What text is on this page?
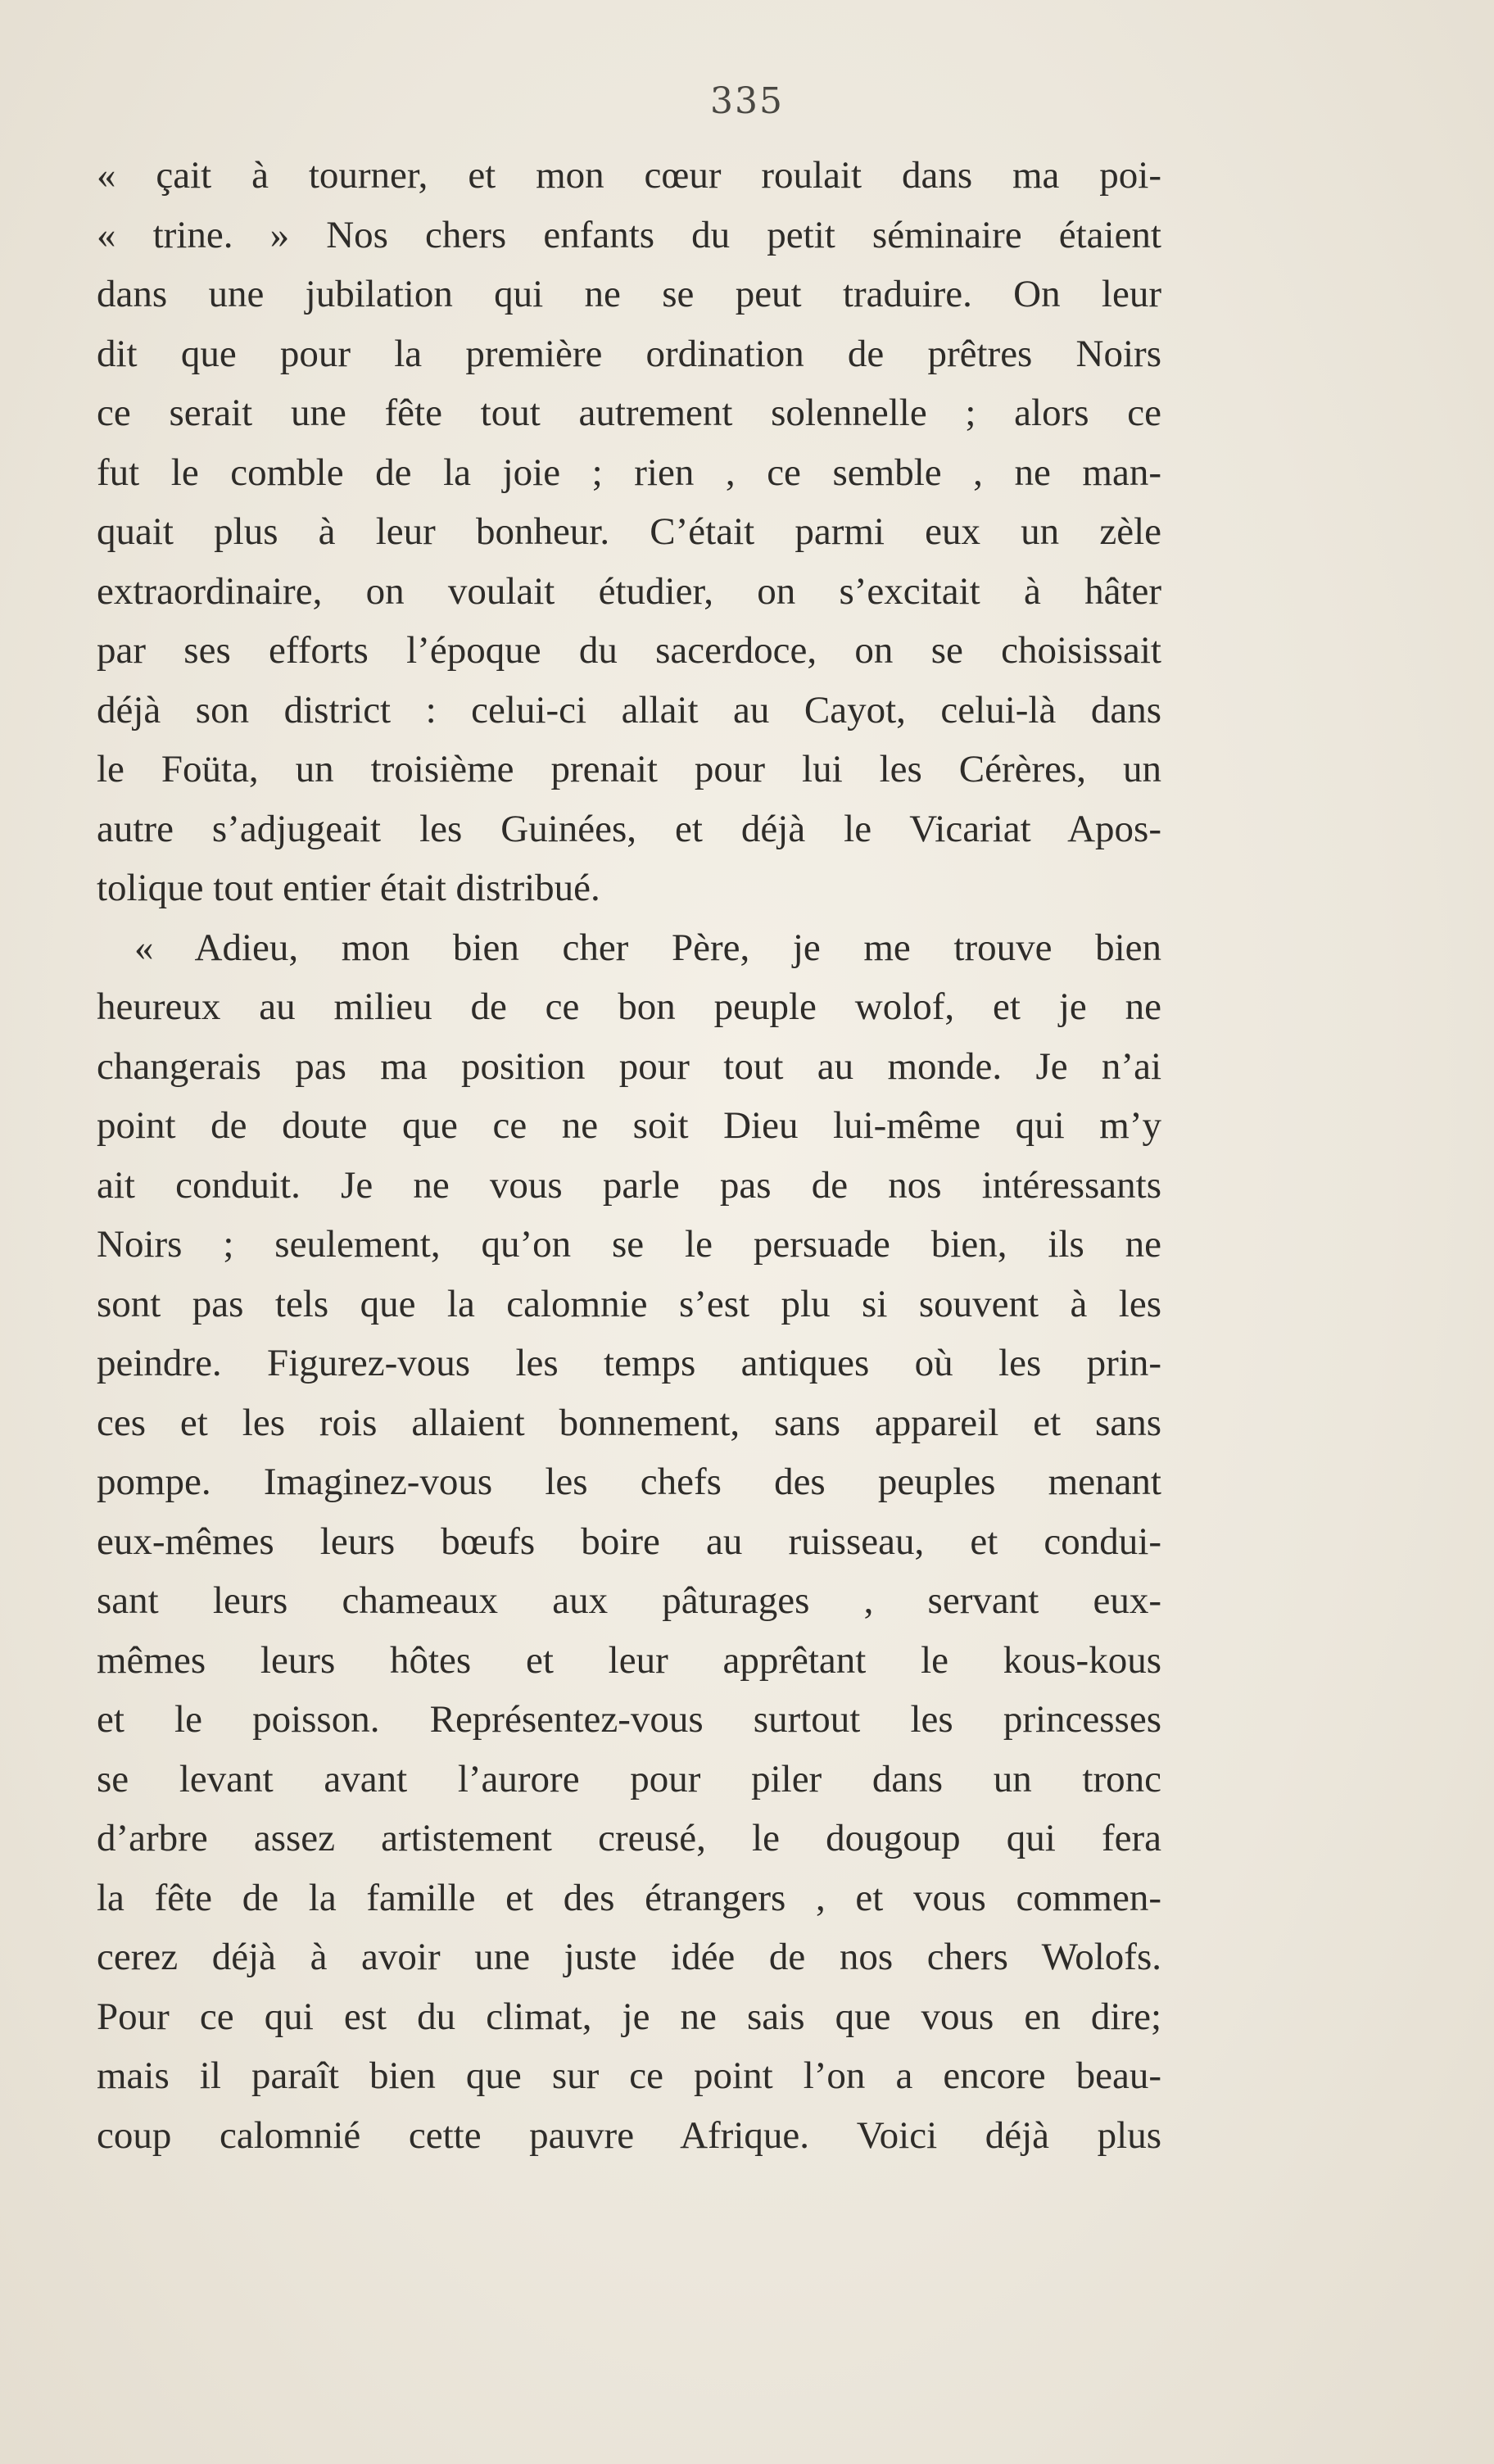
335
« çait à tourner, et mon cœur roulait dans ma poi-
« trine. » Nos chers enfants du petit séminaire étaient
dans une jubilation qui ne se peut traduire. On leur
dit que pour la première ordination de prêtres Noirs
ce serait une fête tout autrement solennelle ; alors ce
fut le comble de la joie ; rien , ce semble , ne man-
quait plus à leur bonheur. C’était parmi eux un zèle
extraordinaire, on voulait étudier, on s’excitait à hâter
par ses efforts l’époque du sacerdoce, on se choisissait
déjà son district : celui-ci allait au Cayot, celui-là dans
le Foüta, un troisième prenait pour lui les Cérères, un
autre s’adjugeait les Guinées, et déjà le Vicariat Apos-
tolique tout entier était distribué.
« Adieu, mon bien cher Père, je me trouve bien
heureux au milieu de ce bon peuple wolof, et je ne
changerais pas ma position pour tout au monde. Je n’ai
point de doute que ce ne soit Dieu lui-même qui m’y
ait conduit. Je ne vous parle pas de nos intéressants
Noirs ; seulement, qu’on se le persuade bien, ils ne
sont pas tels que la calomnie s’est plu si souvent à les
peindre. Figurez-vous les temps antiques où les prin-
ces et les rois allaient bonnement, sans appareil et sans
pompe. Imaginez-vous les chefs des peuples menant
eux-mêmes leurs bœufs boire au ruisseau, et condui-
sant leurs chameaux aux pâturages , servant eux-
mêmes leurs hôtes et leur apprêtant le kous-kous
et le poisson. Représentez-vous surtout les princesses
se levant avant l’aurore pour piler dans un tronc
d’arbre assez artistement creusé, le dougoup qui fera
la fête de la famille et des étrangers , et vous commen-
cerez déjà à avoir une juste idée de nos chers Wolofs.
Pour ce qui est du climat, je ne sais que vous en dire;
mais il paraît bien que sur ce point l’on a encore beau-
coup calomnié cette pauvre Afrique. Voici déjà plus
